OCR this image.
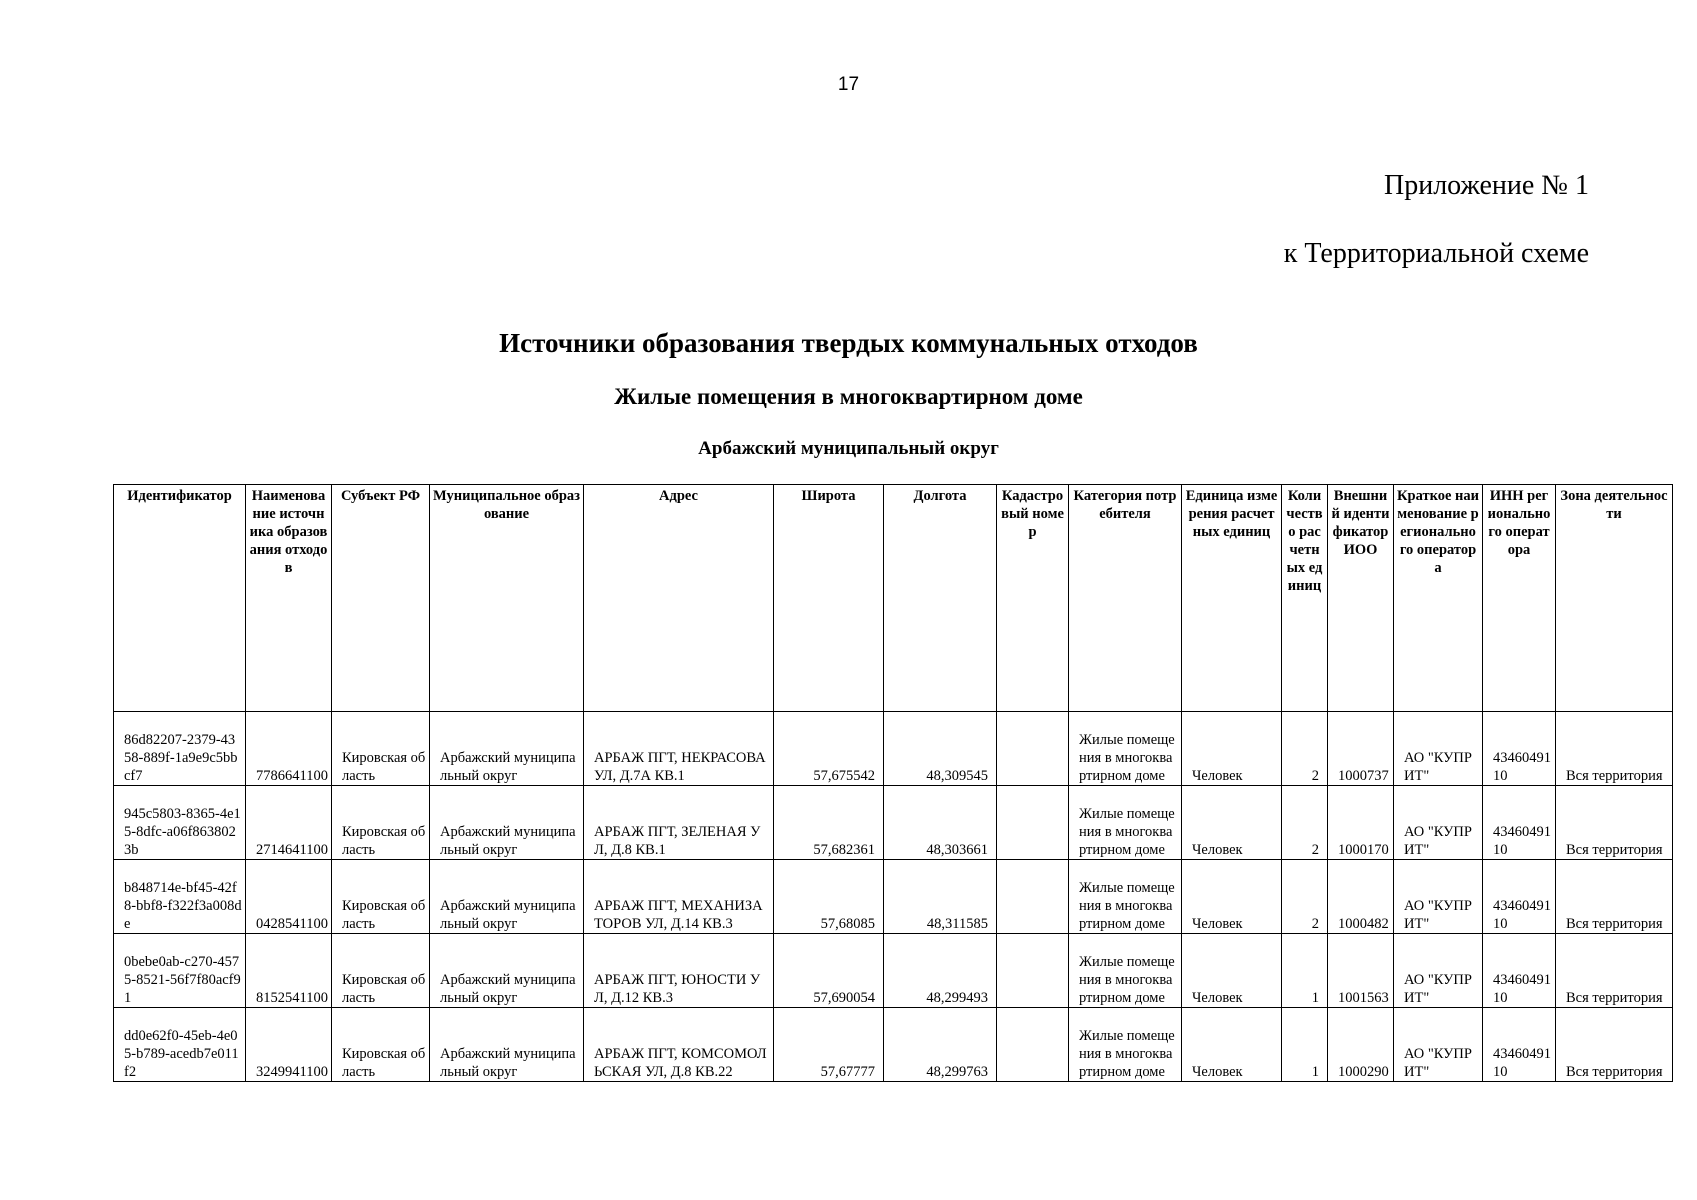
17
Приложение № 1
к Территориальной схеме
Источники образования твердых коммунальных отходов
Жилые помещения в многоквартирном доме
Арбажский муниципальный округ
Идентификатор	Наименование источника образования отходов	Субъект РФ	Муниципальное образование	Адрес	Широта	Долгота	Кадастровый номер	Категория потребителя	Единица измерения расчетных единиц	Количество расчетных единиц	Внешний идентификатор ИОО	Краткое наименование регионального оператора	ИНН регионального оператора	Зона деятельности
86d82207-2379-4358-889f-1a9e9c5bbcf7	7786641100	Кировская область	Арбажский муниципальный округ	АРБАЖ ПГТ, НЕКРАСОВА УЛ, Д.7А КВ.1	57,675542	48,309545		Жилые помещения в многоквартирном доме	Человек	2	1000737	АО "КУПРИТ"	4346049110	Вся территория
945c5803-8365-4e15-8dfc-a06f8638023b	2714641100	Кировская область	Арбажский муниципальный округ	АРБАЖ ПГТ, ЗЕЛЕНАЯ УЛ, Д.8 КВ.1	57,682361	48,303661		Жилые помещения в многоквартирном доме	Человек	2	1000170	АО "КУПРИТ"	4346049110	Вся территория
b848714e-bf45-42f8-bbf8-f322f3a008de	0428541100	Кировская область	Арбажский муниципальный округ	АРБАЖ ПГТ, МЕХАНИЗАТОРОВ УЛ, Д.14 КВ.3	57,68085	48,311585		Жилые помещения в многоквартирном доме	Человек	2	1000482	АО "КУПРИТ"	4346049110	Вся территория
0bebe0ab-c270-4575-8521-56f7f80acf91	8152541100	Кировская область	Арбажский муниципальный округ	АРБАЖ ПГТ, ЮНОСТИ УЛ, Д.12 КВ.3	57,690054	48,299493		Жилые помещения в многоквартирном доме	Человек	1	1001563	АО "КУПРИТ"	4346049110	Вся территория
dd0e62f0-45eb-4e05-b789-acedb7e011f2	3249941100	Кировская область	Арбажский муниципальный округ	АРБАЖ ПГТ, КОМСОМОЛЬСКАЯ УЛ, Д.8 КВ.22	57,67777	48,299763		Жилые помещения в многоквартирном доме	Человек	1	1000290	АО "КУПРИТ"	4346049110	Вся территория
